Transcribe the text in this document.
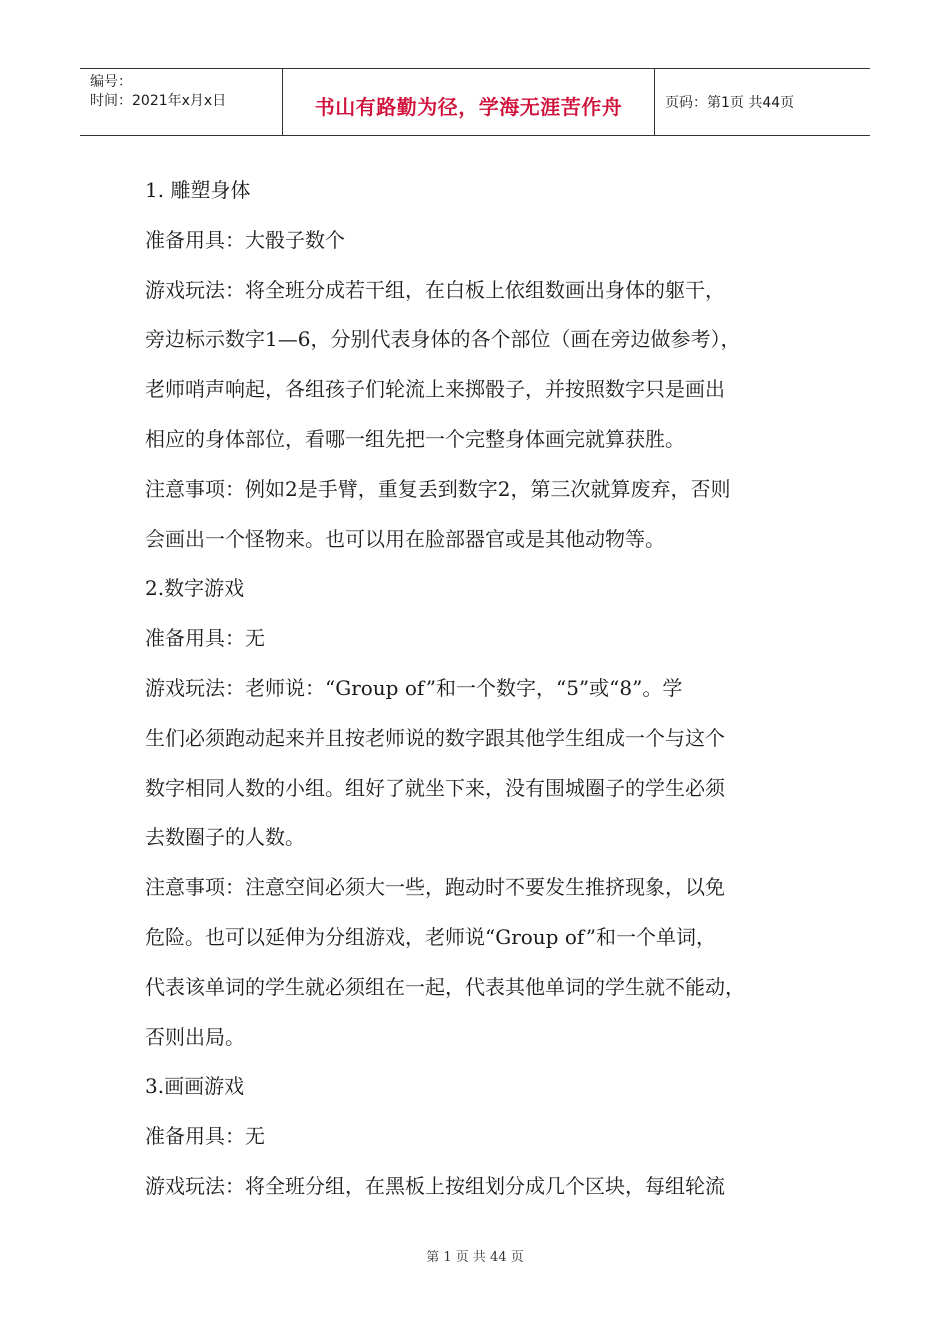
编号：
时间：2021年x月x日	书山有路勤为径，学海无涯苦作舟	页码：第1页 共44页

1. 雕塑身体

准备用具：大骰子数个

游戏玩法：将全班分成若干组，在白板上依组数画出身体的躯干，

旁边标示数字1—6，分别代表身体的各个部位（画在旁边做参考），

老师哨声响起，各组孩子们轮流上来掷骰子，并按照数字只是画出

相应的身体部位，看哪一组先把一个完整身体画完就算获胜。

注意事项：例如2是手臂，重复丢到数字2，第三次就算废弃，否则

会画出一个怪物来。也可以用在脸部器官或是其他动物等。

2.数字游戏

准备用具：无

游戏玩法：老师说：“Group of”和一个数字，“5”或“8”。学

生们必须跑动起来并且按老师说的数字跟其他学生组成一个与这个

数字相同人数的小组。组好了就坐下来，没有围城圈子的学生必须

去数圈子的人数。

注意事项：注意空间必须大一些，跑动时不要发生推挤现象，以免

危险。也可以延伸为分组游戏，老师说“Group of”和一个单词，

代表该单词的学生就必须组在一起，代表其他单词的学生就不能动，

否则出局。

3.画画游戏

准备用具：无

游戏玩法：将全班分组，在黑板上按组划分成几个区块，每组轮流

第 1 页 共 44 页
